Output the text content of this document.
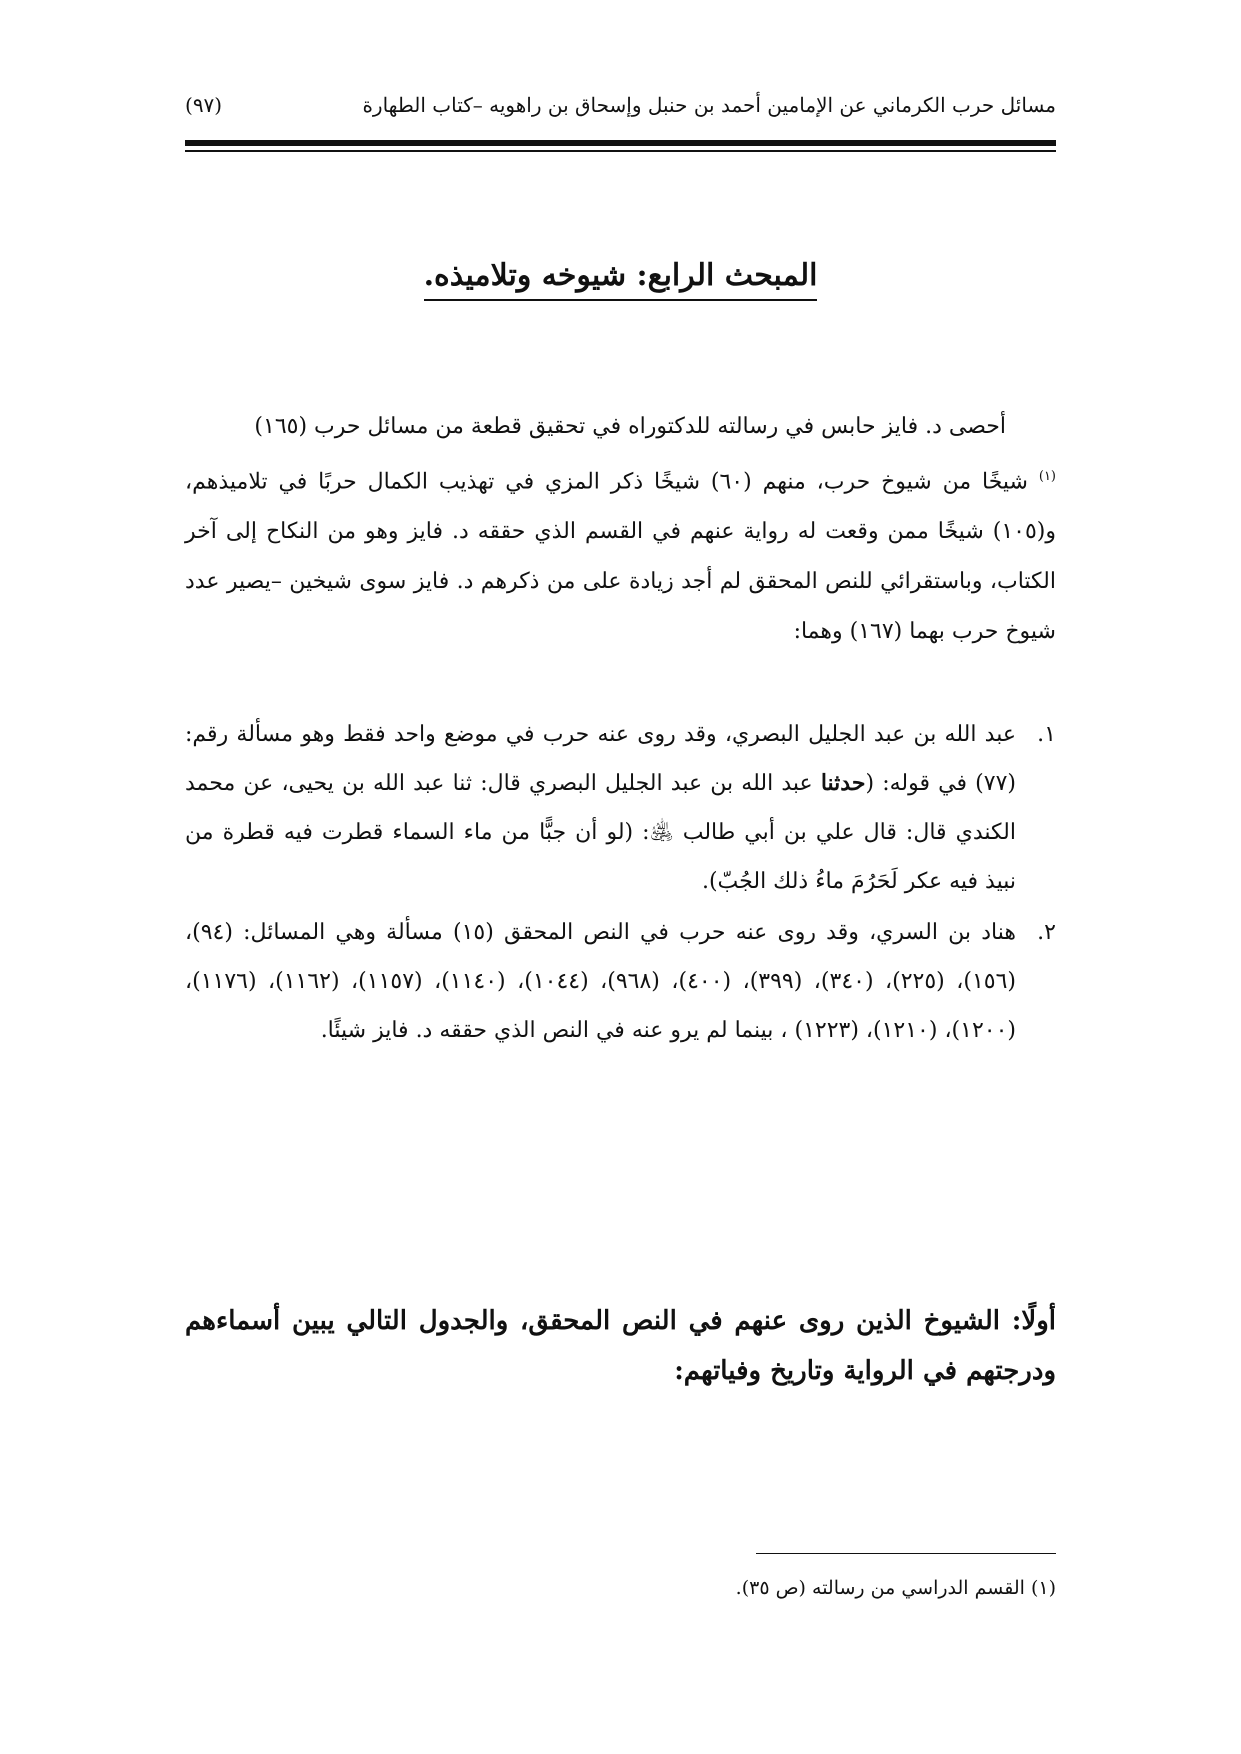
مسائل حرب الكرماني عن الإمامين أحمد بن حنبل وإسحاق بن راهويه –كتاب الطهارة
(٩٧)
المبحث الرابع: شيوخه وتلاميذه.

أحصى د. فايز حابس في رسالته للدكتوراه في تحقيق قطعة من مسائل حرب (١٦٥)
$^{(١)}$ شيخًا من شيوخ حرب، منهم (٦٠) شيخًا ذكر المزي في تهذيب الكمال حربًا في تلاميذهم، و(١٠٥) شيخًا ممن وقعت له رواية عنهم في القسم الذي حققه د. فايز وهو من النكاح إلى آخر الكتاب، وباستقرائي للنص المحقق لم أجد زيادة على من ذكرهم د. فايز سوى شيخين –يصير عدد شيوخ حرب بهما (١٦٧) وهما:

١.
عبد الله بن عبد الجليل البصري، وقد روى عنه حرب في موضع واحد فقط وهو مسألة رقم: (٧٧) في قوله: (حدثنا عبد الله بن عبد الجليل البصري قال: ثنا عبد الله بن يحيى، عن محمد الكندي قال: قال علي بن أبي طالب ﵁: (لو أن جبًّا من ماء السماء قطرت فيه قطرة من نبيذ فيه عكر لَحَرُمَ ماءُ ذلك الجُبّ).
٢.
هناد بن السري، وقد روى عنه حرب في النص المحقق (١٥) مسألة وهي المسائل: (٩٤)، (١٥٦)، (٢٢٥)، (٣٤٠)، (٣٩٩)، (٤٠٠)، (٩٦٨)، (١٠٤٤)، (١١٤٠)، (١١٥٧)، (١١٦٢)، (١١٧٦)، (١٢٠٠)، (١٢١٠)، (١٢٢٣) ، بينما لم يرو عنه في النص الذي حققه د. فايز شيئًا.
أولًا: الشيوخ الذين روى عنهم في النص المحقق، والجدول التالي يبين أسماءهم ودرجتهم في الرواية وتاريخ وفياتهم:
(١) القسم الدراسي من رسالته (ص ٣٥).
